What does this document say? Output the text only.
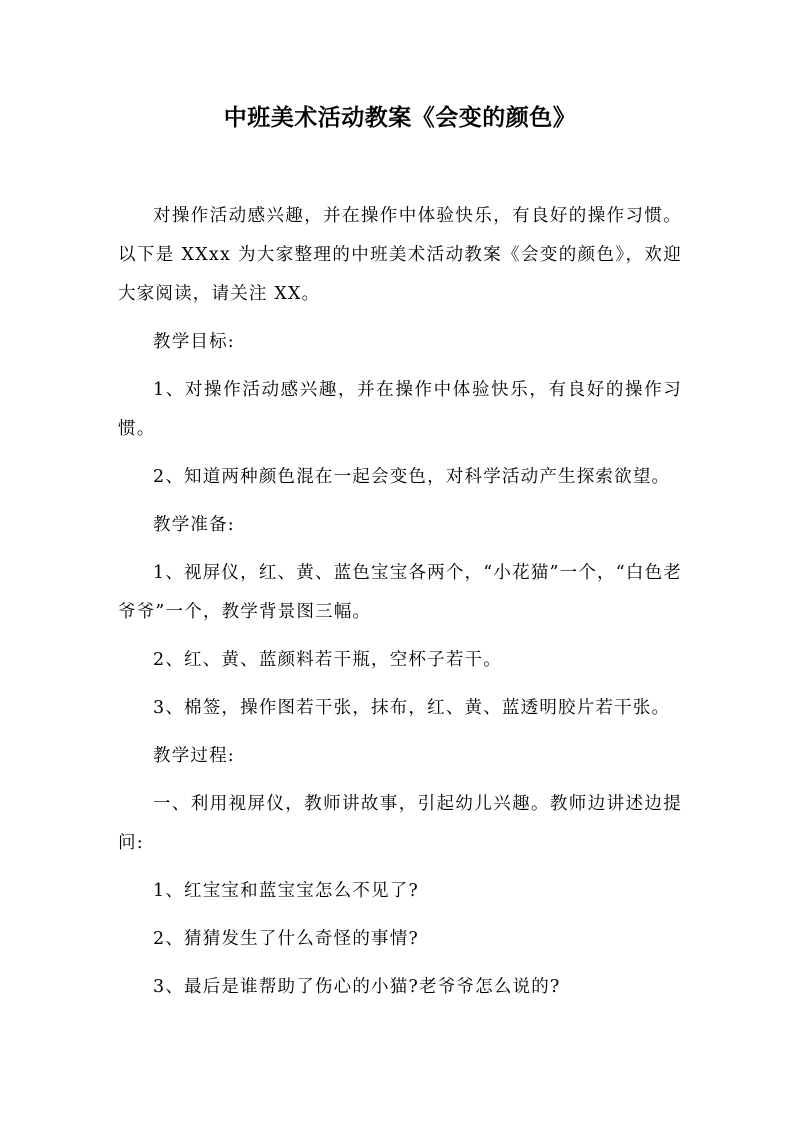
中班美术活动教案《会变的颜色》

对操作活动感兴趣，并在操作中体验快乐，有良好的操作习惯。以下是 XXxx 为大家整理的中班美术活动教案《会变的颜色》，欢迎大家阅读，请关注 XX。

教学目标:

1、对操作活动感兴趣，并在操作中体验快乐，有良好的操作习惯。

2、知道两种颜色混在一起会变色，对科学活动产生探索欲望。

教学准备:

1、视屏仪，红、黄、蓝色宝宝各两个，“小花猫”一个，“白色老爷爷”一个，教学背景图三幅。

2、红、黄、蓝颜料若干瓶，空杯子若干。

3、棉签，操作图若干张，抹布，红、黄、蓝透明胶片若干张。

教学过程:

一、利用视屏仪，教师讲故事，引起幼儿兴趣。教师边讲述边提问:

1、红宝宝和蓝宝宝怎么不见了?

2、猜猜发生了什么奇怪的事情?

3、最后是谁帮助了伤心的小猫?老爷爷怎么说的?
